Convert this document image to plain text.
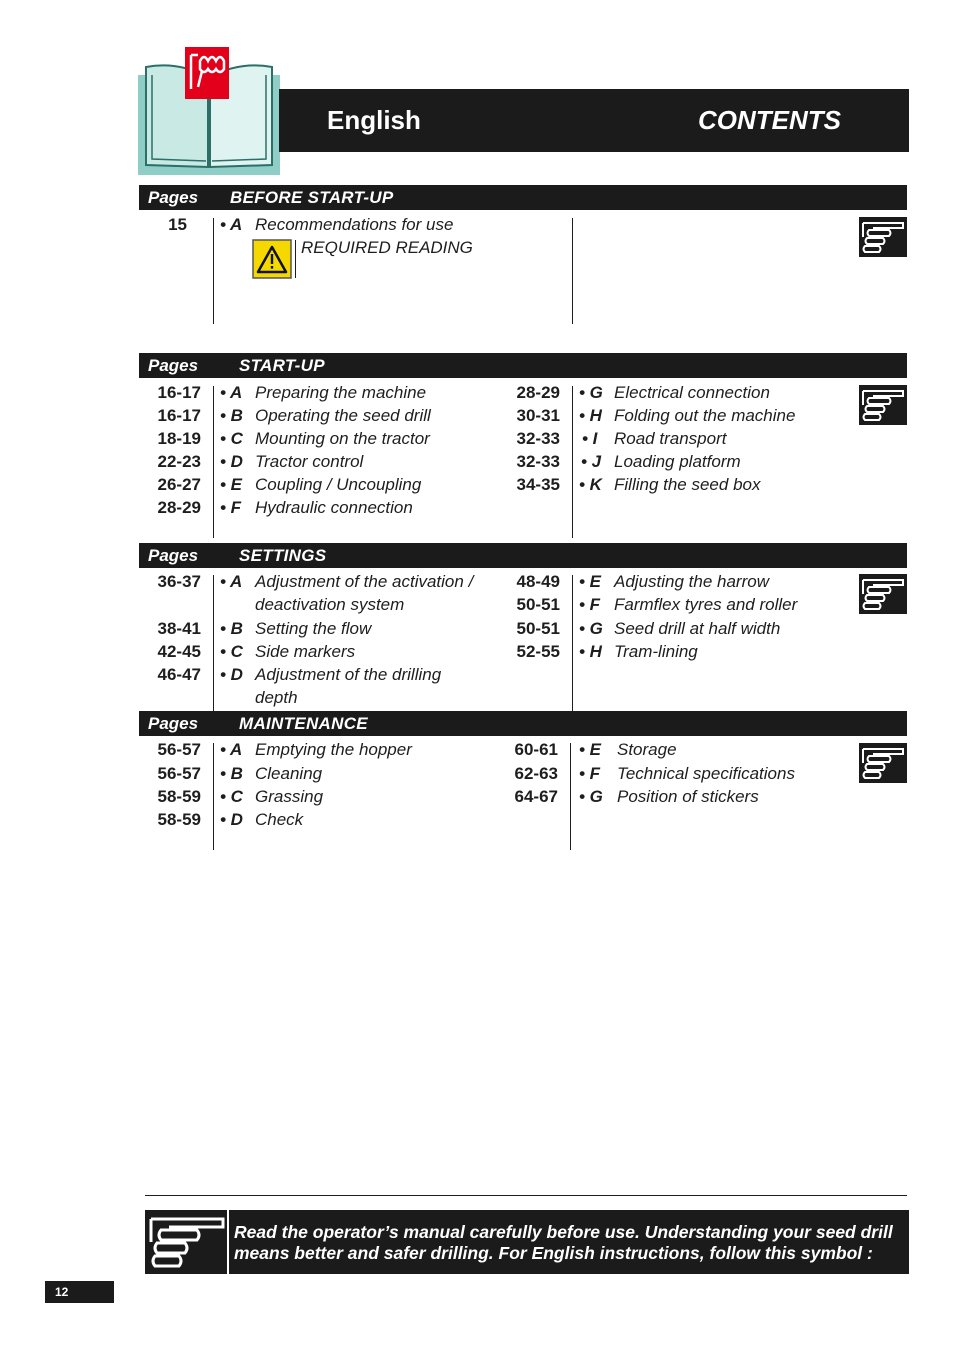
English	CONTENTS
Pages BEFORE START-UP
15 • A Recommendations for use
REQUIRED READING
Pages START-UP
16-17 • A Preparing the machine
16-17 • B Operating the seed drill
18-19 • C Mounting on the tractor
22-23 • D Tractor control
26-27 • E Coupling / Uncoupling
28-29 • F Hydraulic connection
28-29 • G Electrical connection
30-31 • H Folding out the machine
32-33 • I Road transport
32-33 • J Loading platform
34-35 • K Filling the seed box
Pages SETTINGS
36-37 • A Adjustment of the activation /
deactivation system
38-41 • B Setting the flow
42-45 • C Side markers
46-47 • D Adjustment of the drilling
depth
48-49 • E Adjusting the harrow
50-51 • F Farmflex tyres and roller
50-51 • G Seed drill at half width
52-55 • H Tram-lining
Pages MAINTENANCE
56-57 • A Emptying the hopper
56-57 • B Cleaning
58-59 • C Grassing
58-59 • D Check
60-61 • E Storage
62-63 • F Technical specifications
64-67 • G Position of stickers
Read the operator’s manual carefully before use. Understanding your seed drill
means better and safer drilling. For English instructions, follow this symbol :
12
